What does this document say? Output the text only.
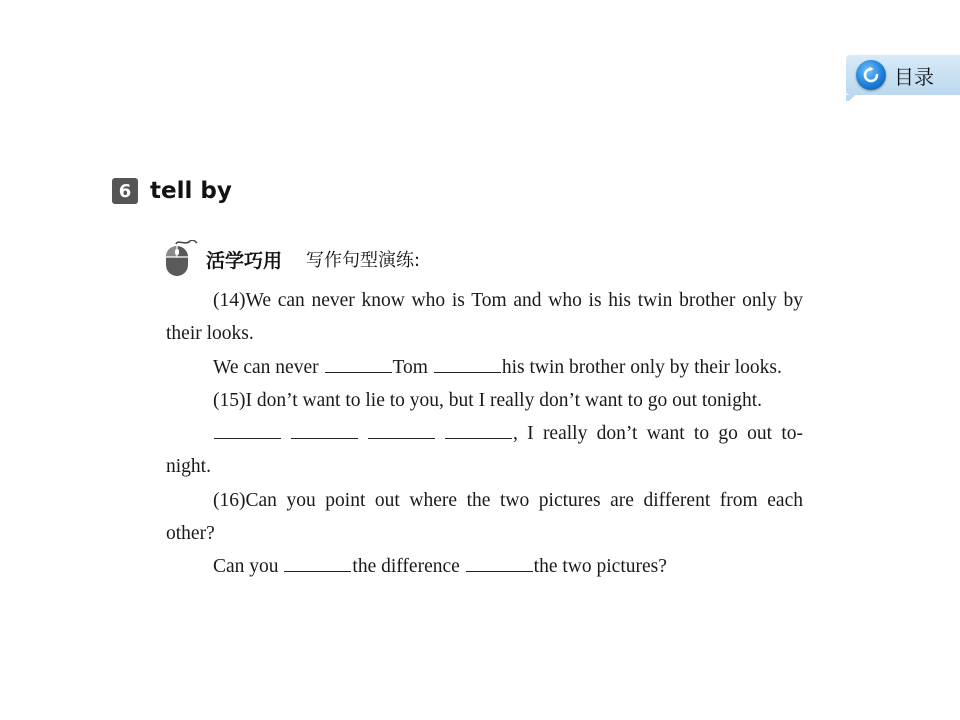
目录
6 tell by
活学巧用 写作句型演练:

(14)We can never know who is Tom and who is his twin brother only by their looks.

We can never	Tom	his twin brother only by their looks.

(15)I don’t want to lie to you, but I really don’t want to go out tonight.

, I really don’t want to go out to-night.

(16)Can you point out where the two pictures are different from each other?

Can you	the difference	the two pictures?
